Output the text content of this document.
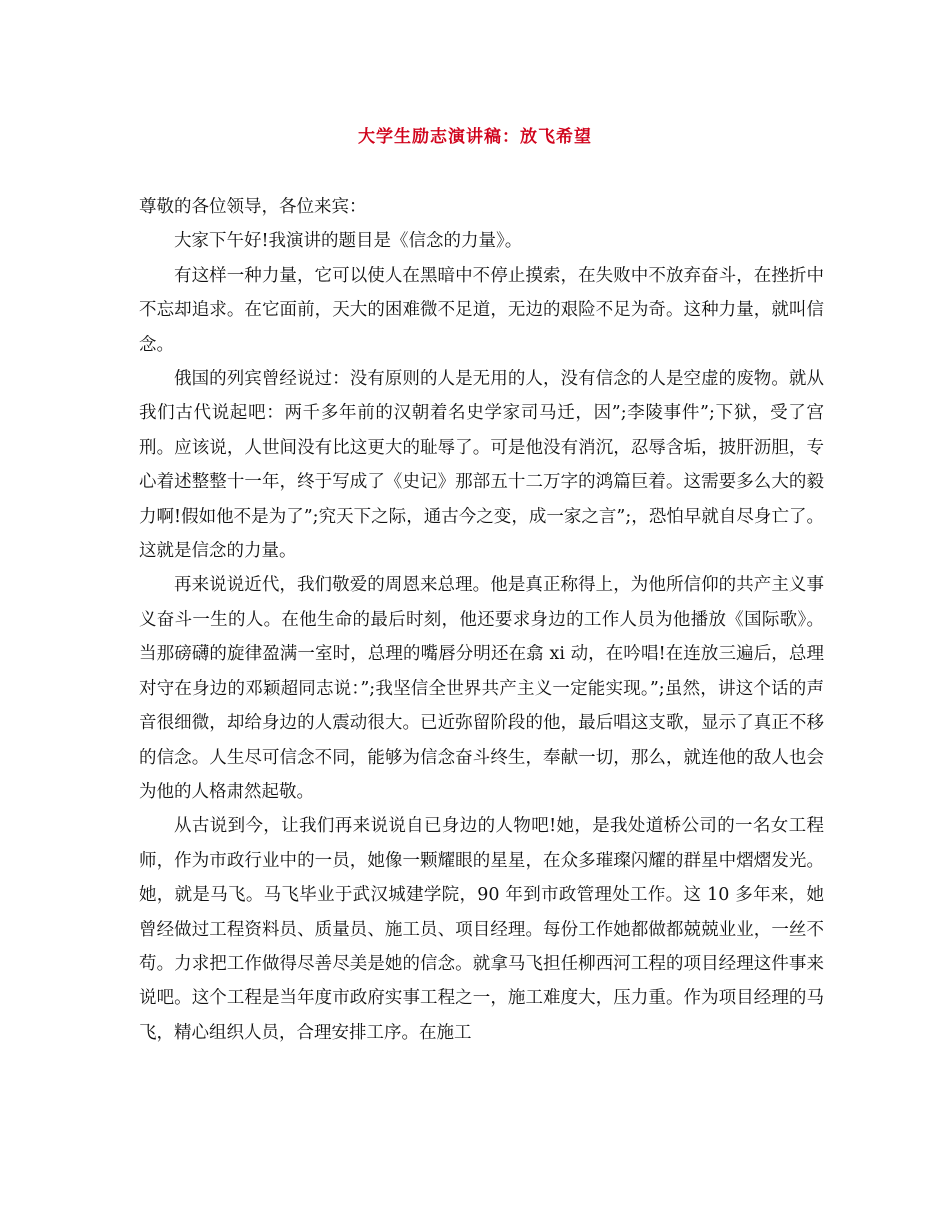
大学生励志演讲稿：放飞希望

尊敬的各位领导，各位来宾：

大家下午好!我演讲的题目是《信念的力量》。

有这样一种力量，它可以使人在黑暗中不停止摸索，在失败中不放弃奋斗，在挫折中不忘却追求。在它面前，天大的困难微不足道，无边的艰险不足为奇。这种力量，就叫信念。

俄国的列宾曾经说过：没有原则的人是无用的人，没有信念的人是空虚的废物。就从我们古代说起吧：两千多年前的汉朝着名史学家司马迁，因”;李陵事件”;下狱，受了宫刑。应该说，人世间没有比这更大的耻辱了。可是他没有消沉，忍辱含垢，披肝沥胆，专心着述整整十一年，终于写成了《史记》那部五十二万字的鸿篇巨着。这需要多么大的毅力啊!假如他不是为了”;究天下之际，通古今之变，成一家之言”;，恐怕早就自尽身亡了。这就是信念的力量。

再来说说近代，我们敬爱的周恩来总理。他是真正称得上，为他所信仰的共产主义事义奋斗一生的人。在他生命的最后时刻，他还要求身边的工作人员为他播放《国际歌》。当那磅礴的旋律盈满一室时，总理的嘴唇分明还在翕 xi 动，在吟唱!在连放三遍后，总理对守在身边的邓颖超同志说：”;我坚信全世界共产主义一定能实现。”;虽然，讲这个话的声音很细微，却给身边的人震动很大。已近弥留阶段的他，最后唱这支歌，显示了真正不移的信念。人生尽可信念不同，能够为信念奋斗终生，奉献一切，那么，就连他的敌人也会为他的人格肃然起敬。

从古说到今，让我们再来说说自已身边的人物吧!她，是我处道桥公司的一名女工程师，作为市政行业中的一员，她像一颗耀眼的星星，在众多璀璨闪耀的群星中熠熠发光。她，就是马飞。马飞毕业于武汉城建学院，90 年到市政管理处工作。这 10 多年来，她曾经做过工程资料员、质量员、施工员、项目经理。每份工作她都做都兢兢业业，一丝不苟。力求把工作做得尽善尽美是她的信念。就拿马飞担任柳西河工程的项目经理这件事来说吧。这个工程是当年度市政府实事工程之一，施工难度大，压力重。作为项目经理的马飞，精心组织人员，合理安排工序。在施工
